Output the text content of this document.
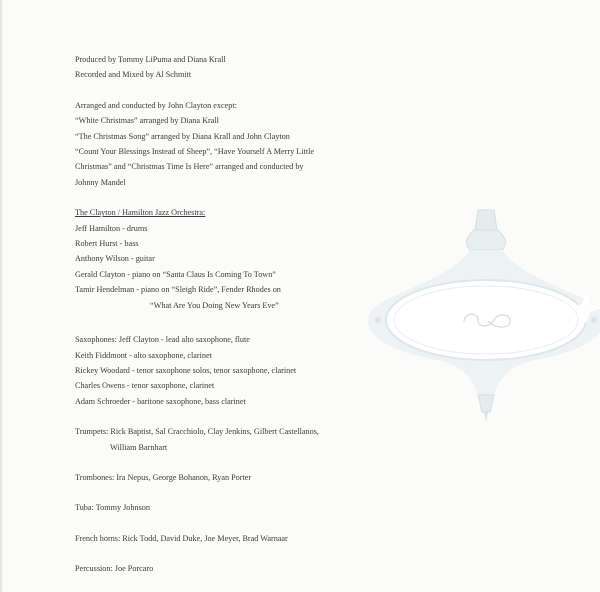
Produced by Tommy LiPuma and Diana Krall
Recorded and Mixed by Al Schmitt
Arranged and conducted by John Clayton except:
“White Christmas” arranged by Diana Krall
“The Christmas Song” arranged by Diana Krall and John Clayton
“Count Your Blessings Instead of Sheep”, “Have Yourself A Merry Little
Christmas” and “Christmas Time Is Here” arranged and conducted by
Johnny Mandel
The Clayton / Hamilton Jazz Orchestra:
Jeff Hamilton - drums
Robert Hurst - bass
Anthony Wilson - guitar
Gerald Clayton - piano on “Santa Claus Is Coming To Town”
Tamir Hendelman - piano on “Sleigh Ride”, Fender Rhodes on
“What Are You Doing New Years Eve”
Saxophones: Jeff Clayton - lead alto saxophone, flute
Keith Fiddmont - alto saxophone, clarinet
Rickey Woodard - tenor saxophone solos, tenor saxophone, clarinet
Charles Owens - tenor saxophone, clarinet
Adam Schroeder - baritone saxophone, bass clarinet
Trumpets: Rick Baptist, Sal Cracchiolo, Clay Jenkins, Gilbert Castellanos,
William Barnhart
Trombones: Ira Nepus, George Bohanon, Ryan Porter
Tuba: Tommy Johnson
French horns: Rick Todd, David Duke, Joe Meyer, Brad Warnaar
Percussion: Joe Porcaro
